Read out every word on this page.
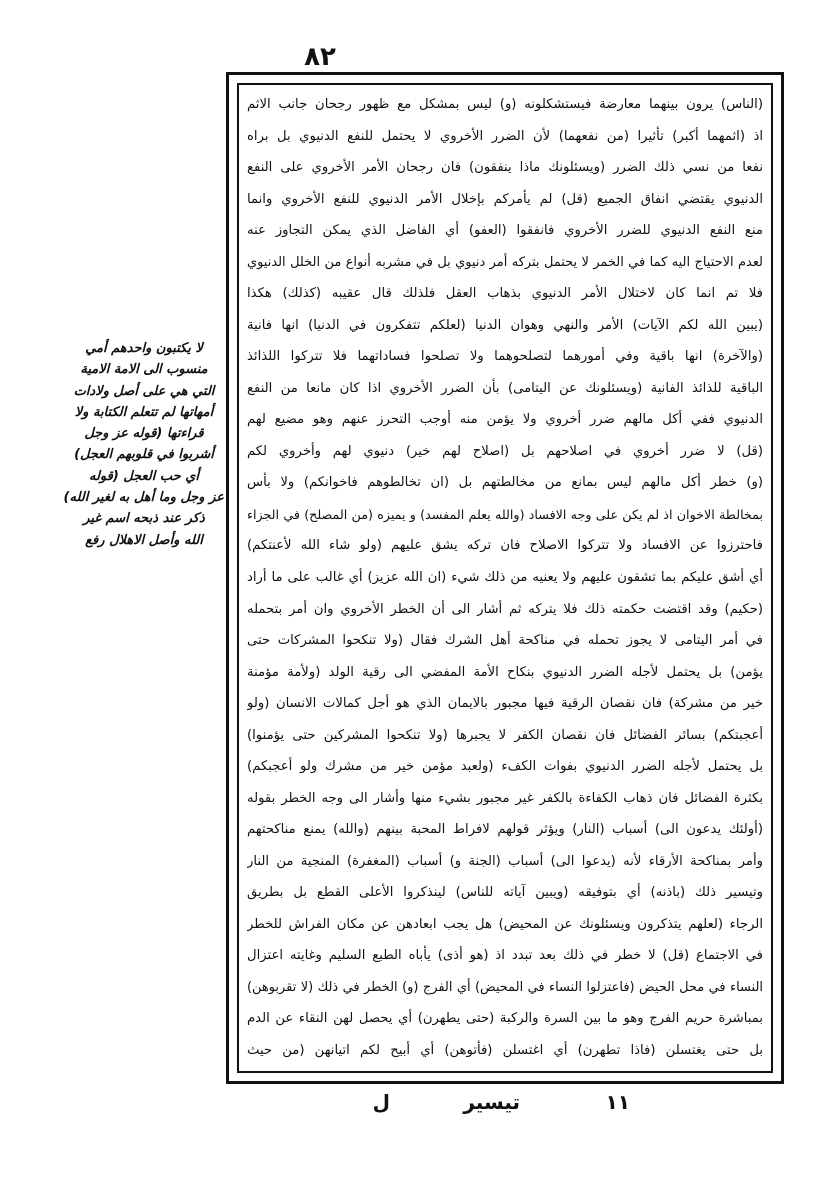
٨٢
لا يكتبون واحدهم أمي
منسوب الى الامة الامية
التي هي على أصل ولادات
أمهاتها لم تتعلم الكتابة ولا
قراءتها (قوله عز وجل
أشربوا في قلوبهم العجل)
أي حب العجل (قوله
عز وجل وما أهل به لغير الله)
ذكر عند ذبحه اسم غير
الله وأصل الاهلال رفع
(الناس) يرون بينهما معارضة فيستشكلونه (و) ليس بمشكل مع ظهور رجحان جانب الاثم
اذ (اثمهما أكبر) تأثيرا (من نفعهما) لأن الضرر الأخروي لا يحتمل للنفع الدنيوي بل براه
نفعا من نسي ذلك الضرر (ويسئلونك ماذا ينفقون) فان رجحان الأمر الأخروي على النفع
الدنيوي يقتضي انفاق الجميع (قل) لم يأمركم بإخلال الأمر الدنيوي للنفع الأخروي وانما
منع النفع الدنيوي للضرر الأخروي فانفقوا (العفو) أي الفاضل الذي يمكن التجاوز عنه
لعدم الاحتياج اليه كما في الخمر لا يحتمل بتركه أمر دنيوي بل في مشربه أنواع من الخلل الدنيوي
فلا تم انما كان لاختلال الأمر الدنيوي بذهاب العقل فلذلك قال عقيبه (كذلك) هكذا
(يبين الله لكم الآيات) الأمر والنهي وهوان الدنيا (لعلكم تتفكرون في الدنيا) انها فانية
(والآخرة) انها باقية وفي أمورهما لتصلحوهما ولا تصلحوا فساداتهما فلا تتركوا اللذائذ
الباقية للذائذ الفانية (ويسئلونك عن اليتامى) بأن الضرر الأخروي اذا كان مانعا من النفع
الدنيوي ففي أكل مالهم ضرر أخروي ولا يؤمن منه أوجب التحرز عنهم وهو مضيع لهم
(قل) لا ضرر أخروي في اصلاحهم بل (اصلاح لهم خير) دنيوي لهم وأخروي لكم
(و) خطر أكل مالهم ليس بمانع من مخالطتهم بل (ان تخالطوهم فاخوانكم) ولا بأس
بمخالطة الاخوان اذ لم يكن على وجه الافساد (والله يعلم المفسد) و يميزه (من المصلح) في الجزاء
فاحترزوا عن الافساد ولا تتركوا الاصلاح فان تركه يشق عليهم (ولو شاء الله لأعنتكم)
أي أشق عليكم بما تشقون عليهم ولا يعنيه من ذلك شيء (ان الله عزيز) أي غالب على ما أراد
(حكيم) وقد اقتضت حكمته ذلك فلا يتركه ثم أشار الى أن الخطر الأخروي وان أمر بتحمله
في أمر اليتامى لا يجوز تحمله في مناكحة أهل الشرك فقال (ولا تنكحوا المشركات حتى
يؤمن) بل يحتمل لأجله الضرر الدنيوي بنكاح الأمة المفضي الى رقية الولد (ولأمة مؤمنة
خير من مشركة) فان نقصان الرقية فيها مجبور بالايمان الذي هو أجل كمالات الانسان (ولو
أعجبتكم) بسائر الفضائل فان نقصان الكفر لا يجبرها (ولا تنكحوا المشركين حتى يؤمنوا)
بل يحتمل لأجله الضرر الدنيوي بفوات الكفء (ولعبد مؤمن خير من مشرك ولو أعجبكم)
بكثرة الفضائل فان ذهاب الكفاءة بالكفر غير مجبور بشيء منها وأشار الى وجه الخطر بقوله
(أولئك يدعون الى) أسباب (النار) ويؤثر قولهم لافراط المحبة بينهم (والله) يمنع مناكحتهم
وأمر بمناكحة الأرقاء لأنه (يدعوا الى) أسباب (الجنة و) أسباب (المغفرة) المنجية من النار
وتيسير ذلك (باذنه) أي بتوفيقه (ويبين آياته للناس) لينذكروا الأعلى القطع بل بطريق
الرجاء (لعلهم يتذكرون ويسئلونك عن المحيض) هل يجب ابعادهن عن مكان الفراش للخطر
في الاجتماع (قل) لا خطر في ذلك بعد تبدد اذ (هو أذى) يأباه الطبع السليم وغايته اعتزال
النساء في محل الحيض (فاعتزلوا النساء في المحيض) أي الفرج (و) الخطر في ذلك (لا تقربوهن)
بمباشرة حريم الفرج وهو ما بين السرة والركبة (حتى يطهرن) أي يحصل لهن النقاء عن الدم
بل حتى يغتسلن (فاذا تطهرن) أي اغتسلن (فأتوهن) أي أبيح لكم اتيانهن (من حيث
١١
تيسير
ل
